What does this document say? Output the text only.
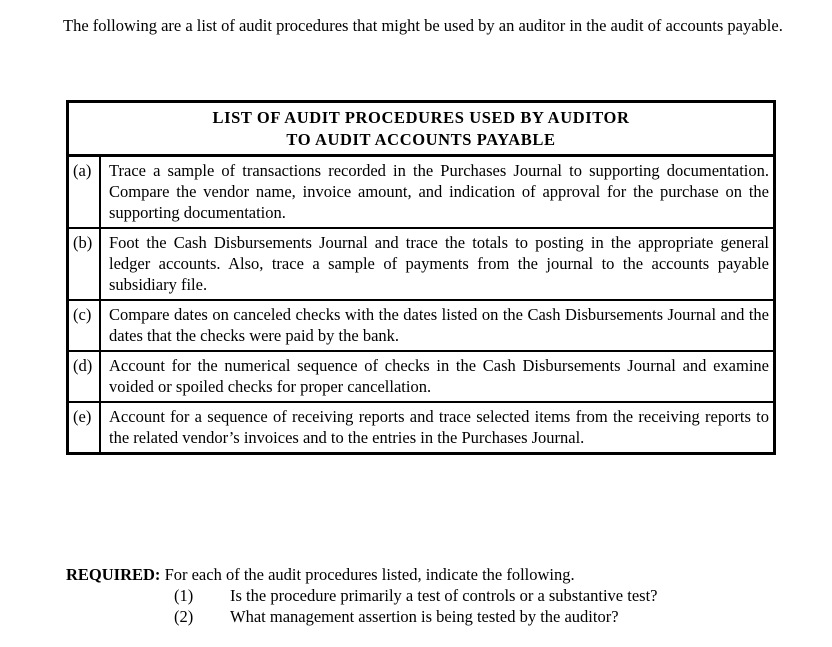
The following are a list of audit procedures that might be used by an auditor in the audit of accounts payable.
LIST OF AUDIT PROCEDURES USED BY AUDITOR
TO AUDIT ACCOUNTS PAYABLE	
(a)	Trace a sample of transactions recorded in the Purchases Journal to supporting documentation. Compare the vendor name, invoice amount, and indication of approval for the purchase on the supporting documentation.
(b)	Foot the Cash Disbursements Journal and trace the totals to posting in the appropriate general ledger accounts. Also, trace a sample of payments from the journal to the accounts payable subsidiary file.
(c)	Compare dates on canceled checks with the dates listed on the Cash Disbursements Journal and the dates that the checks were paid by the bank.
(d)	Account for the numerical sequence of checks in the Cash Disbursements Journal and examine voided or spoiled checks for proper cancellation.
(e)	Account for a sequence of receiving reports and trace selected items from the receiving reports to the related vendor’s invoices and to the entries in the Purchases Journal.
REQUIRED: For each of the audit procedures listed, indicate the following.
(1) Is the procedure primarily a test of controls or a substantive test?
(2) What management assertion is being tested by the auditor?
